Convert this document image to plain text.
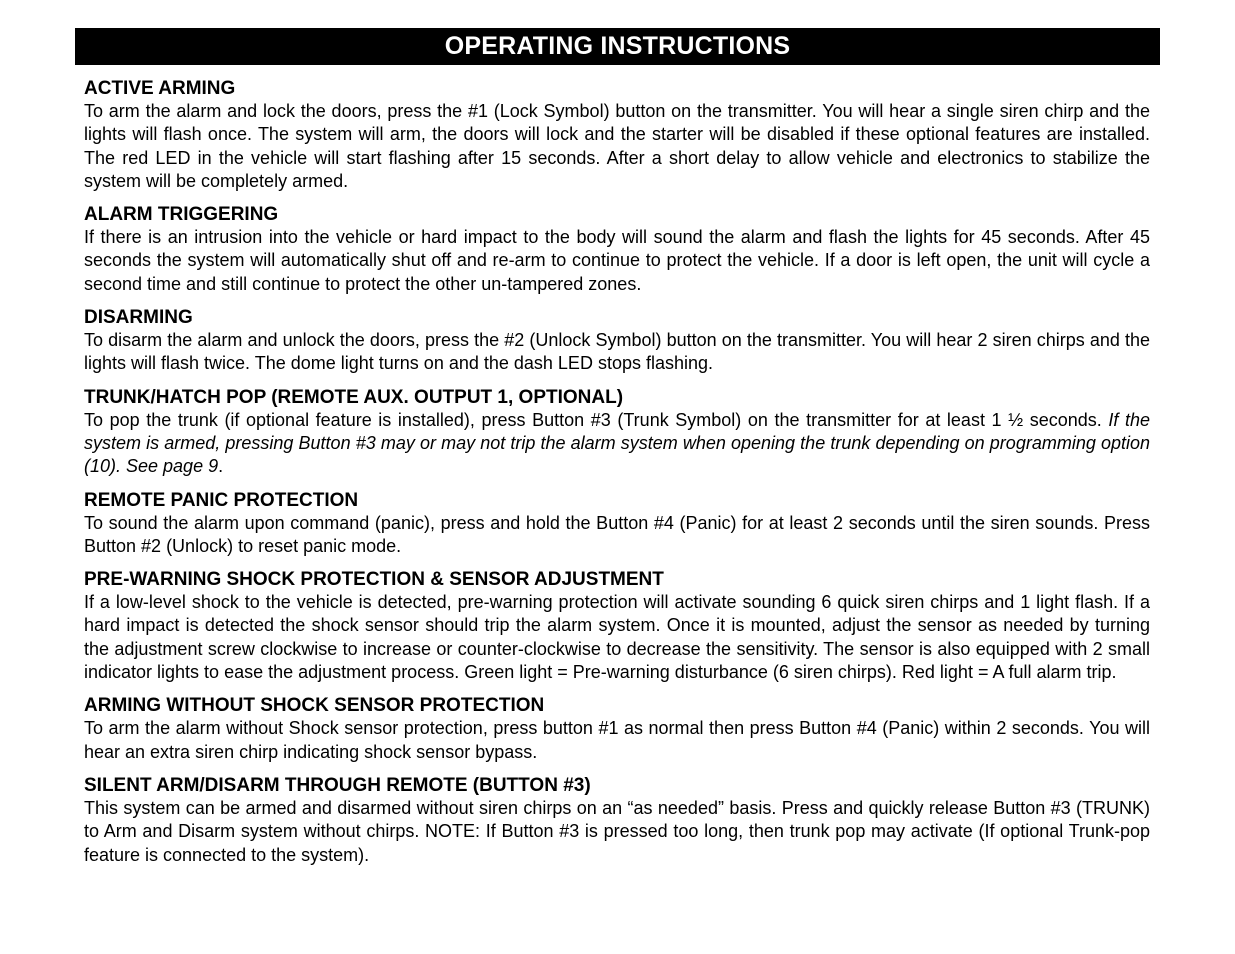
OPERATING INSTRUCTIONS

ACTIVE ARMING

To arm the alarm and lock the doors, press the #1 (Lock Symbol) button on the transmitter. You will hear a single siren chirp and the lights will flash once. The system will arm, the doors will lock and the starter will be disabled if these optional features are installed. The red LED in the vehicle will start flashing after 15 seconds. After a short delay to allow vehicle and electronics to stabilize the system will be completely armed.

ALARM TRIGGERING

If there is an intrusion into the vehicle or hard impact to the body will sound the alarm and flash the lights for 45 seconds. After 45 seconds the system will automatically shut off and re-arm to continue to protect the vehicle. If a door is left open, the unit will cycle a second time and still continue to protect the other un-tampered zones.

DISARMING

To disarm the alarm and unlock the doors, press the #2 (Unlock Symbol) button on the transmitter. You will hear 2 siren chirps and the lights will flash twice. The dome light turns on and the dash LED stops flashing.

TRUNK/HATCH POP (REMOTE AUX. OUTPUT 1, OPTIONAL)

To pop the trunk (if optional feature is installed), press Button #3 (Trunk Symbol) on the transmitter for at least 1 ½ seconds. If the system is armed, pressing Button #3 may or may not trip the alarm system when opening the trunk depending on programming option (10). See page 9.

REMOTE PANIC PROTECTION

To sound the alarm upon command (panic), press and hold the Button #4 (Panic) for at least 2 seconds until the siren sounds. Press Button #2 (Unlock) to reset panic mode.

PRE-WARNING SHOCK PROTECTION & SENSOR ADJUSTMENT

If a low-level shock to the vehicle is detected, pre-warning protection will activate sounding 6 quick siren chirps and 1 light flash. If a hard impact is detected the shock sensor should trip the alarm system. Once it is mounted, adjust the sensor as needed by turning the adjustment screw clockwise to increase or counter-clockwise to decrease the sensitivity. The sensor is also equipped with 2 small indicator lights to ease the adjustment process. Green light = Pre-warning disturbance (6 siren chirps). Red light = A full alarm trip.

ARMING WITHOUT SHOCK SENSOR PROTECTION

To arm the alarm without Shock sensor protection, press button #1 as normal then press Button #4 (Panic) within 2 seconds. You will hear an extra siren chirp indicating shock sensor bypass.

SILENT ARM/DISARM THROUGH REMOTE (BUTTON #3)

This system can be armed and disarmed without siren chirps on an “as needed” basis. Press and quickly release Button #3 (TRUNK) to Arm and Disarm system without chirps. NOTE: If Button #3 is pressed too long, then trunk pop may activate (If optional Trunk-pop feature is connected to the system).
